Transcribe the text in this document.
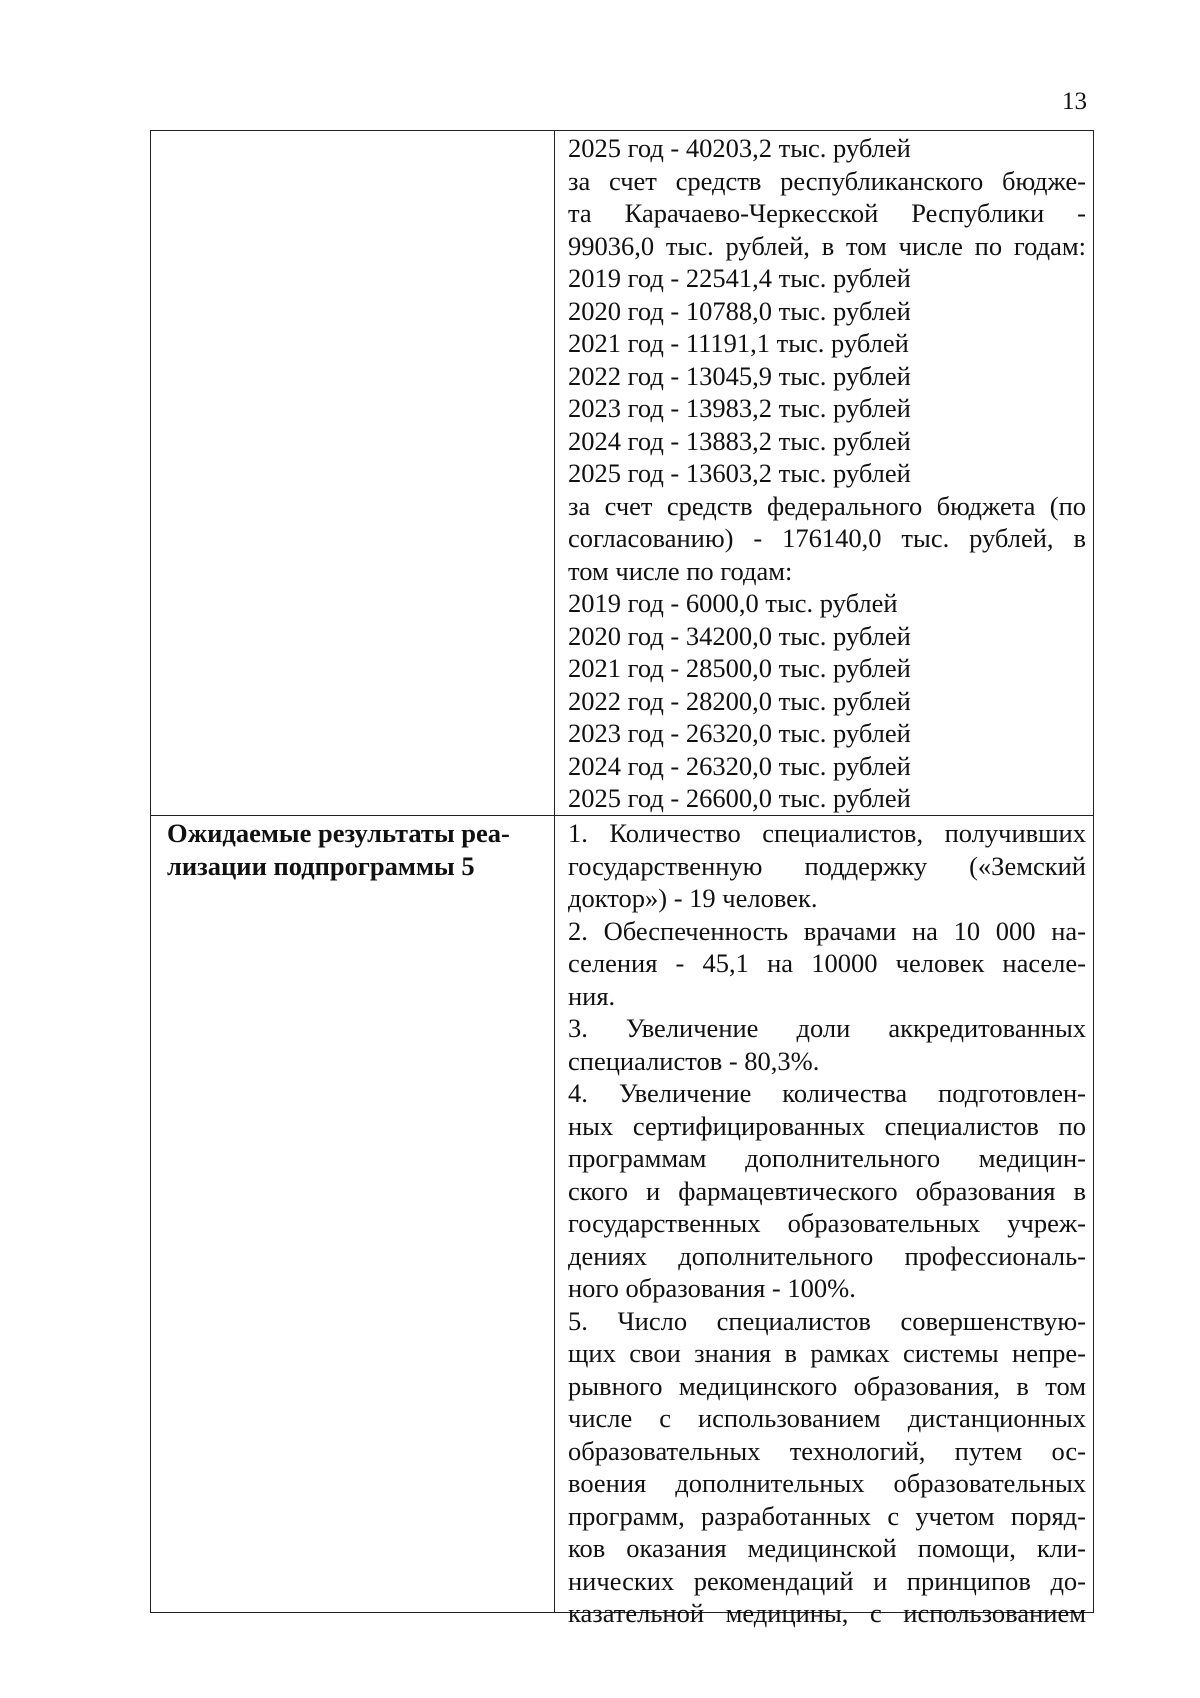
13
2025 год - 40203,2 тыс. рублей
за счет средств республиканского бюдже-
та Карачаево-Черкесской Республики -
99036,0 тыс. рублей, в том числе по годам:
2019 год - 22541,4 тыс. рублей
2020 год - 10788,0 тыс. рублей
2021 год - 11191,1 тыс. рублей
2022 год - 13045,9 тыс. рублей
2023 год - 13983,2 тыс. рублей
2024 год - 13883,2 тыс. рублей
2025 год - 13603,2 тыс. рублей
за счет средств федерального бюджета (по
согласованию) - 176140,0 тыс. рублей, в
том числе по годам:
2019 год - 6000,0 тыс. рублей
2020 год - 34200,0 тыс. рублей
2021 год - 28500,0 тыс. рублей
2022 год - 28200,0 тыс. рублей
2023 год - 26320,0 тыс. рублей
2024 год - 26320,0 тыс. рублей
2025 год - 26600,0 тыс. рублей
Ожидаемые результаты реа-
лизации подпрограммы 5
1. Количество специалистов, получивших
государственную поддержку («Земский
доктор») - 19 человек.
2. Обеспеченность врачами на 10 000 на-
селения - 45,1 на 10000 человек населе-
ния.
3. Увеличение доли аккредитованных
специалистов - 80,3%.
4. Увеличение количества подготовлен-
ных сертифицированных специалистов по
программам дополнительного медицин-
ского и фармацевтического образования в
государственных образовательных учреж-
дениях дополнительного профессиональ-
ного образования - 100%.
5. Число специалистов совершенствую-
щих свои знания в рамках системы непре-
рывного медицинского образования, в том
числе с использованием дистанционных
образовательных технологий, путем ос-
воения дополнительных образовательных
программ, разработанных с учетом поряд-
ков оказания медицинской помощи, кли-
нических рекомендаций и принципов до-
казательной медицины, с использованием
